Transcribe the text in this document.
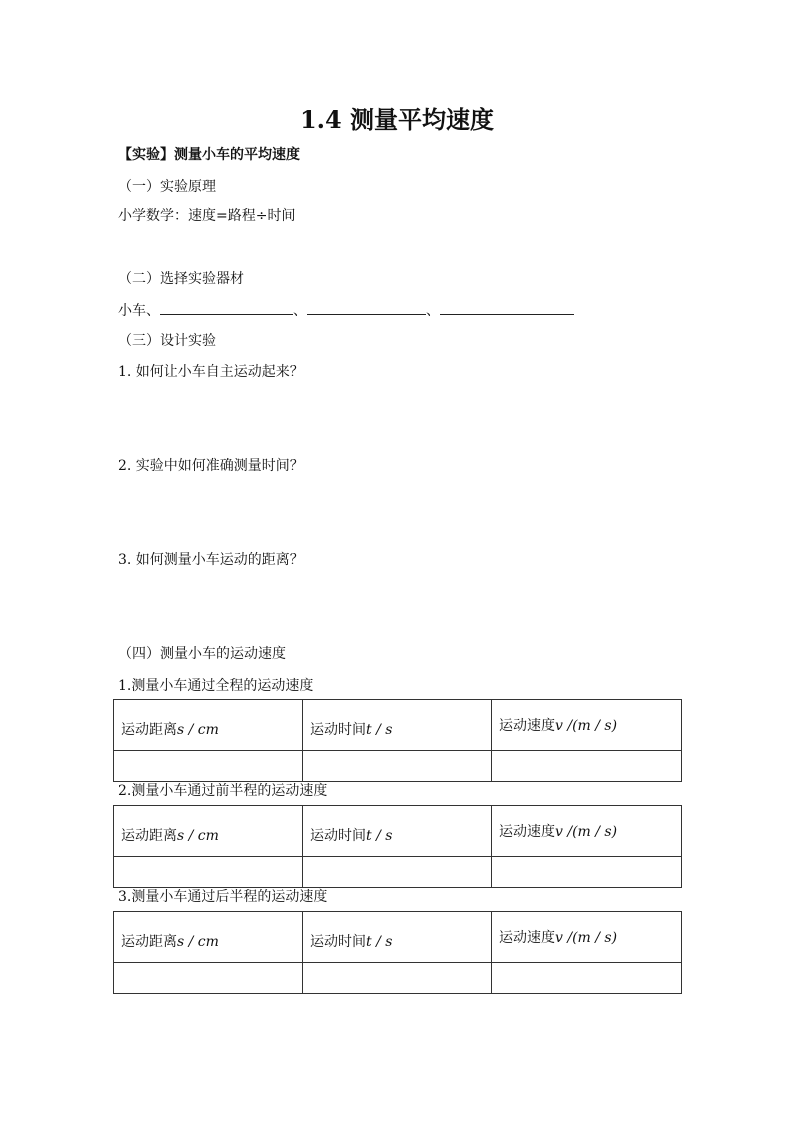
1.4 测量平均速度
【实验】测量小车的平均速度
（一）实验原理
小学数学：速度=路程÷时间
（二）选择实验器材
小车、	、	、
（三）设计实验
1. 如何让小车自主运动起来？
2. 实验中如何准确测量时间？
3. 如何测量小车运动的距离？
（四）测量小车的运动速度
1.测量小车通过全程的运动速度
运动距离s / cm	运动时间t / s	运动速度v /(m / s)

2.测量小车通过前半程的运动速度
运动距离s / cm	运动时间t / s	运动速度v /(m / s)

3.测量小车通过后半程的运动速度
运动距离s / cm	运动时间t / s	运动速度v /(m / s)
